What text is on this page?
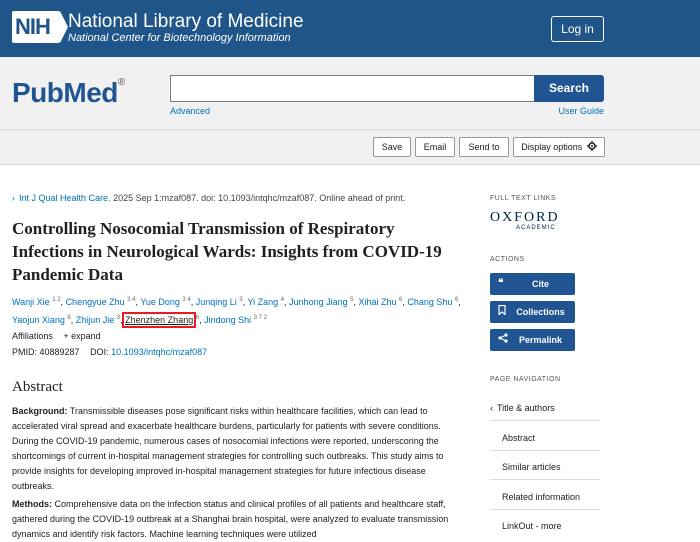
NIH National Library of Medicine
National Center for Biotechnology Information
Log in
PubMed®	Search
Advanced	User Guide
Save	Email	Send to	Display options
› Int J Qual Health Care. 2025 Sep 1:mzaf087. doi: 10.1093/intqhc/mzaf087. Online ahead of print.
Controlling Nosocomial Transmission of Respiratory Infections in Neurological Wards: Insights from COVID-19 Pandemic Data
Wanji Xie $^{1 2}$, Chengyue Zhu $^{3 4}$, Yue Dong $^{3 4}$, Junqing Li $^3$, Yi Zang $^4$, Junhong Jiang $^5$, Xihai Zhu $^6$, Chang Shu $^6$, Yaojun Xiang $^6$, Zhijun Jie $^3$, Zhenzhen Zhang $^6$, Jindong Shi $^{3 7 2}$
Affiliations + expand
PMID: 40889287 DOI: 10.1093/intqhc/mzaf087
Abstract

Background: Transmissible diseases pose significant risks within healthcare facilities, which can lead to accelerated viral spread and exacerbate healthcare burdens, particularly for patients with severe conditions. During the COVID-19 pandemic, numerous cases of nosocomial infections were reported, underscoring the shortcomings of current in-hospital management strategies for controlling such outbreaks. This study aims to provide insights for developing improved in-hospital management strategies for future infectious disease outbreaks.

Methods: Comprehensive data on the infection status and clinical profiles of all patients and healthcare staff, gathered during the COVID-19 outbreak at a Shanghai brain hospital, were analyzed to evaluate transmission dynamics and identify risk factors. Machine learning techniques were utilized

FULL TEXT LINKS
OXFORD
ACADEMIC
ACTIONS
❝	Cite
Collections
Permalink
PAGE NAVIGATION
‹ Title & authors
Abstract
Similar articles
Related information
LinkOut - more
